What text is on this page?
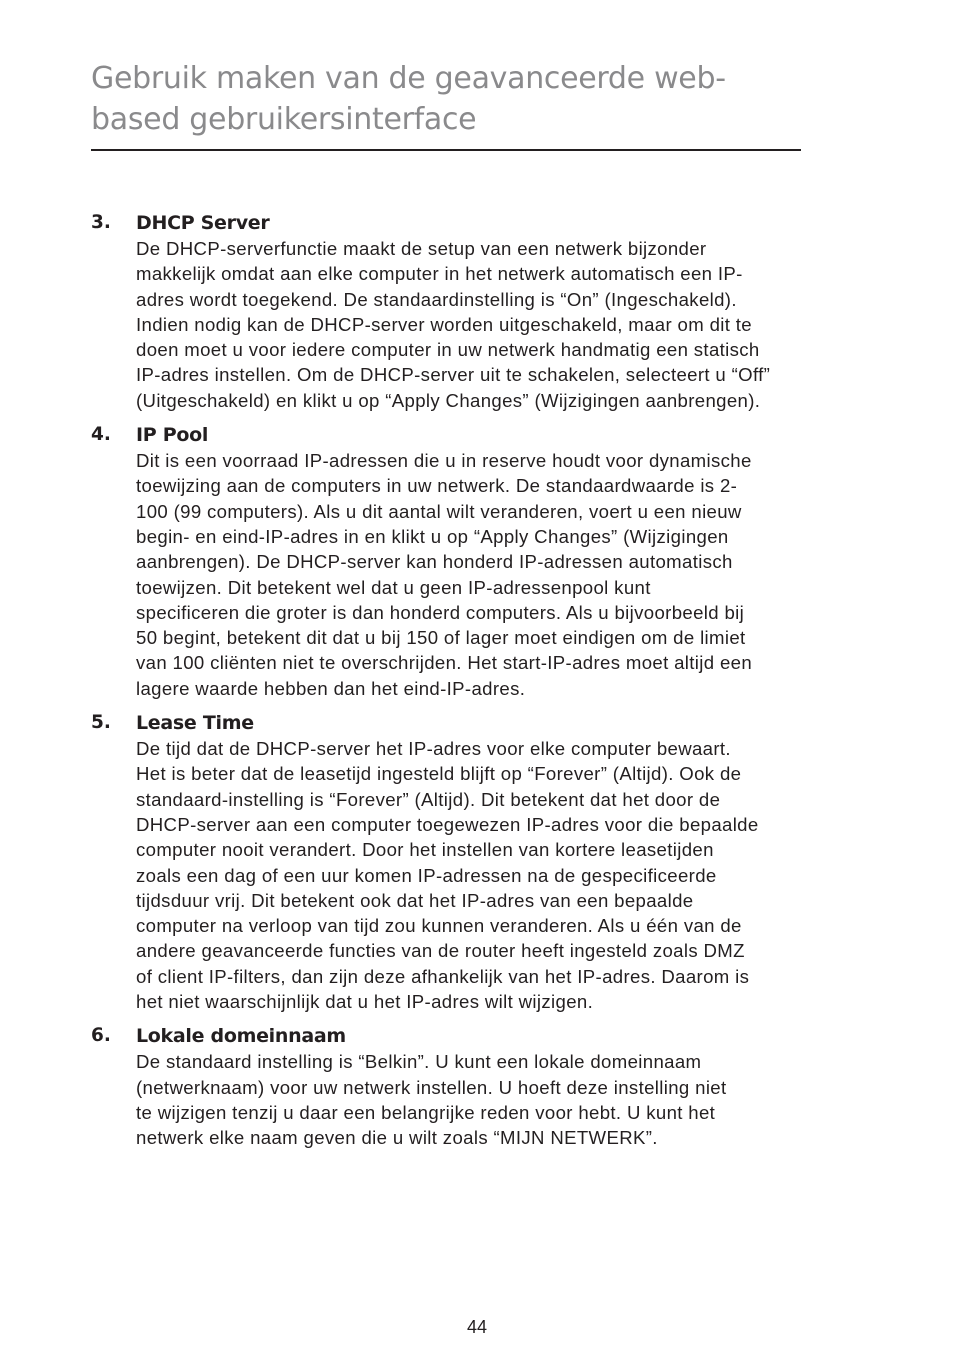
Gebruik maken van de geavanceerde web-
based gebruikersinterface
3. DHCP Server

De DHCP-serverfunctie maakt de setup van een netwerk bijzonder
makkelijk omdat aan elke computer in het netwerk automatisch een IP-
adres wordt toegekend. De standaardinstelling is “On” (Ingeschakeld).
Indien nodig kan de DHCP-server worden uitgeschakeld, maar om dit te
doen moet u voor iedere computer in uw netwerk handmatig een statisch
IP-adres instellen. Om de DHCP-server uit te schakelen, selecteert u “Off”
(Uitgeschakeld) en klikt u op “Apply Changes” (Wijzigingen aanbrengen).

4. IP Pool

Dit is een voorraad IP-adressen die u in reserve houdt voor dynamische
toewijzing aan de computers in uw netwerk. De standaardwaarde is 2-
100 (99 computers). Als u dit aantal wilt veranderen, voert u een nieuw
begin- en eind-IP-adres in en klikt u op “Apply Changes” (Wijzigingen
aanbrengen). De DHCP-server kan honderd IP-adressen automatisch
toewijzen. Dit betekent wel dat u geen IP-adressenpool kunt
specificeren die groter is dan honderd computers. Als u bijvoorbeeld bij
50 begint, betekent dit dat u bij 150 of lager moet eindigen om de limiet
van 100 cliënten niet te overschrijden. Het start-IP-adres moet altijd een
lagere waarde hebben dan het eind-IP-adres.

5. Lease Time

De tijd dat de DHCP-server het IP-adres voor elke computer bewaart.
Het is beter dat de leasetijd ingesteld blijft op “Forever” (Altijd). Ook de
standaard-instelling is “Forever” (Altijd). Dit betekent dat het door de
DHCP-server aan een computer toegewezen IP-adres voor die bepaalde
computer nooit verandert. Door het instellen van kortere leasetijden
zoals een dag of een uur komen IP-adressen na de gespecificeerde
tijdsduur vrij. Dit betekent ook dat het IP-adres van een bepaalde
computer na verloop van tijd zou kunnen veranderen. Als u één van de
andere geavanceerde functies van de router heeft ingesteld zoals DMZ
of client IP-filters, dan zijn deze afhankelijk van het IP-adres. Daarom is
het niet waarschijnlijk dat u het IP-adres wilt wijzigen.

6. Lokale domeinnaam

De standaard instelling is “Belkin”. U kunt een lokale domeinnaam
(netwerknaam) voor uw netwerk instellen. U hoeft deze instelling niet
te wijzigen tenzij u daar een belangrijke reden voor hebt. U kunt het
netwerk elke naam geven die u wilt zoals “MIJN NETWERK”.

44
